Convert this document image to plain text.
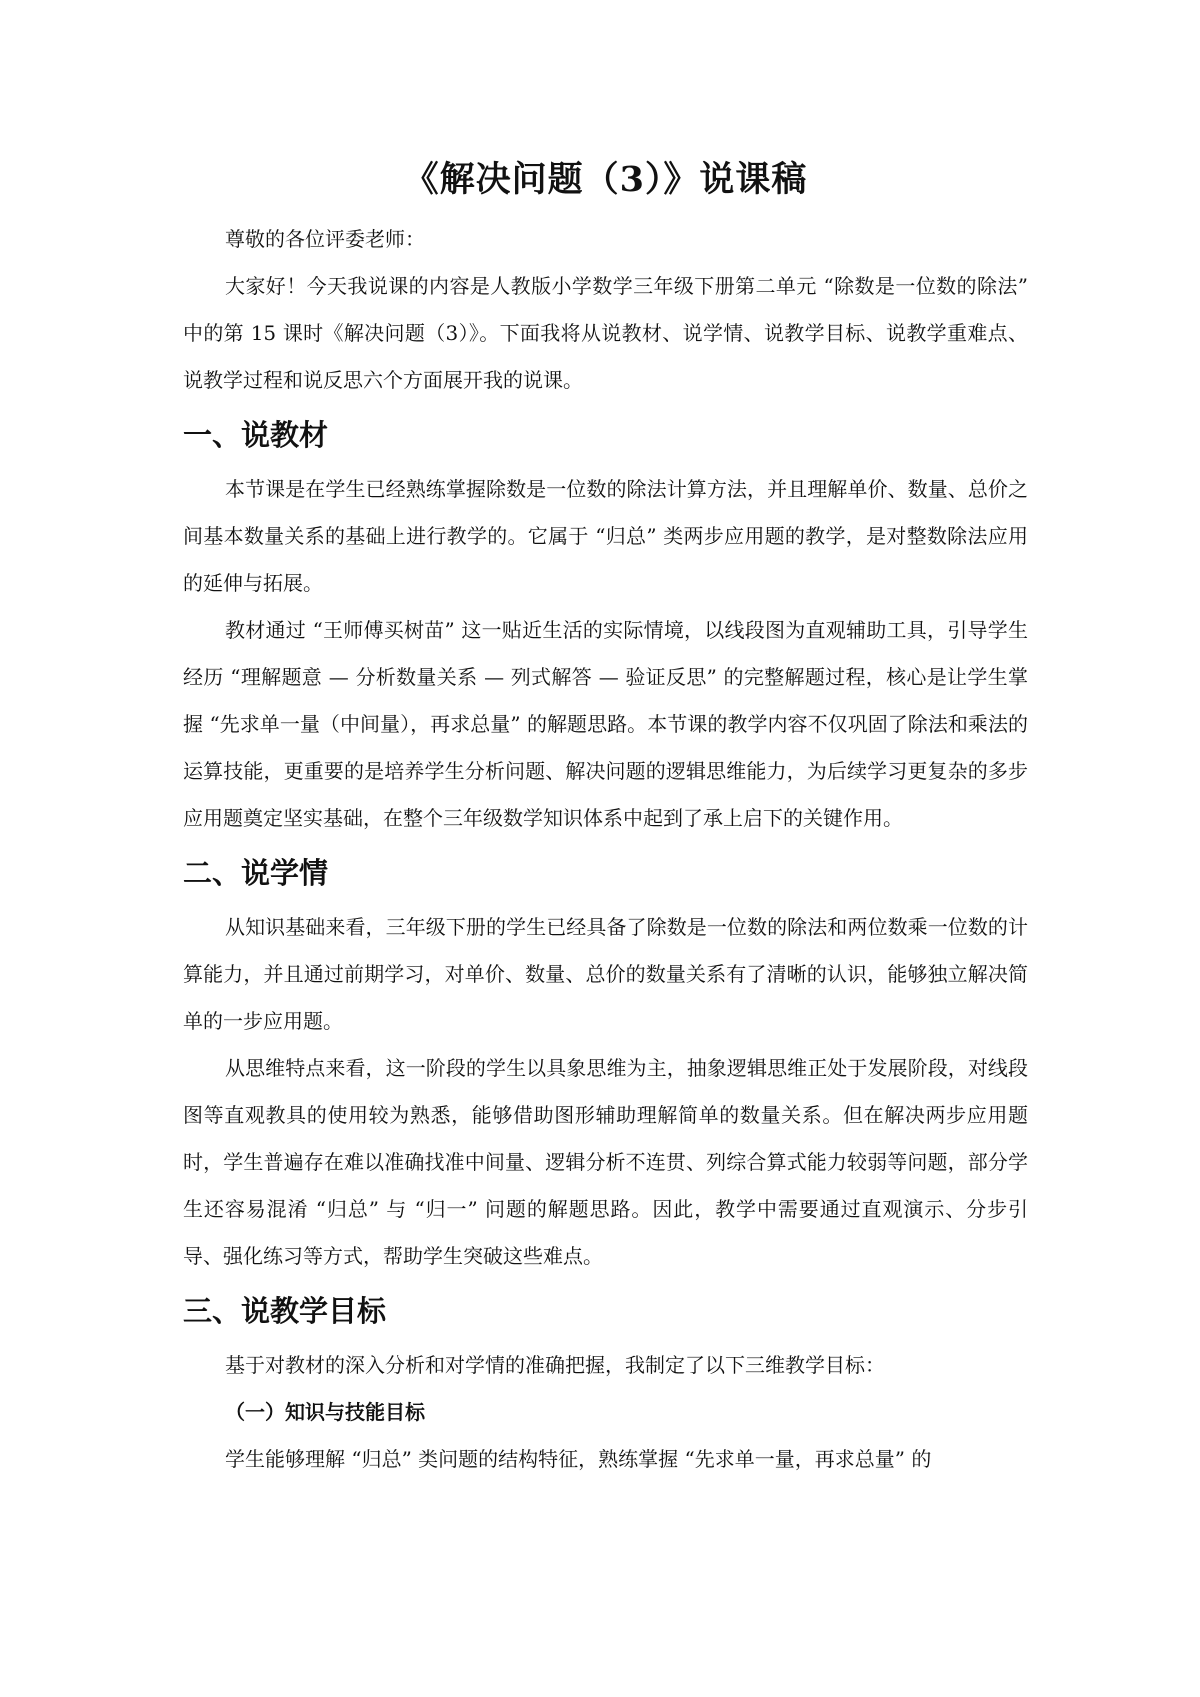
《解决问题（3）》说课稿

尊敬的各位评委老师：

大家好！今天我说课的内容是人教版小学数学三年级下册第二单元 “除数是一位数的除法” 中的第 15 课时《解决问题（3）》。下面我将从说教材、说学情、说教学目标、说教学重难点、说教学过程和说反思六个方面展开我的说课。

一、说教材

本节课是在学生已经熟练掌握除数是一位数的除法计算方法，并且理解单价、数量、总价之间基本数量关系的基础上进行教学的。它属于 “归总” 类两步应用题的教学，是对整数除法应用的延伸与拓展。

教材通过 “王师傅买树苗” 这一贴近生活的实际情境，以线段图为直观辅助工具，引导学生经历 “理解题意 — 分析数量关系 — 列式解答 — 验证反思” 的完整解题过程，核心是让学生掌握 “先求单一量（中间量），再求总量” 的解题思路。本节课的教学内容不仅巩固了除法和乘法的运算技能，更重要的是培养学生分析问题、解决问题的逻辑思维能力，为后续学习更复杂的多步应用题奠定坚实基础，在整个三年级数学知识体系中起到了承上启下的关键作用。

二、说学情

从知识基础来看，三年级下册的学生已经具备了除数是一位数的除法和两位数乘一位数的计算能力，并且通过前期学习，对单价、数量、总价的数量关系有了清晰的认识，能够独立解决简单的一步应用题。

从思维特点来看，这一阶段的学生以具象思维为主，抽象逻辑思维正处于发展阶段，对线段图等直观教具的使用较为熟悉，能够借助图形辅助理解简单的数量关系。但在解决两步应用题时，学生普遍存在难以准确找准中间量、逻辑分析不连贯、列综合算式能力较弱等问题，部分学生还容易混淆 “归总” 与 “归一” 问题的解题思路。因此，教学中需要通过直观演示、分步引导、强化练习等方式，帮助学生突破这些难点。

三、说教学目标

基于对教材的深入分析和对学情的准确把握，我制定了以下三维教学目标：

（一）知识与技能目标

学生能够理解 “归总” 类问题的结构特征，熟练掌握 “先求单一量，再求总量” 的
